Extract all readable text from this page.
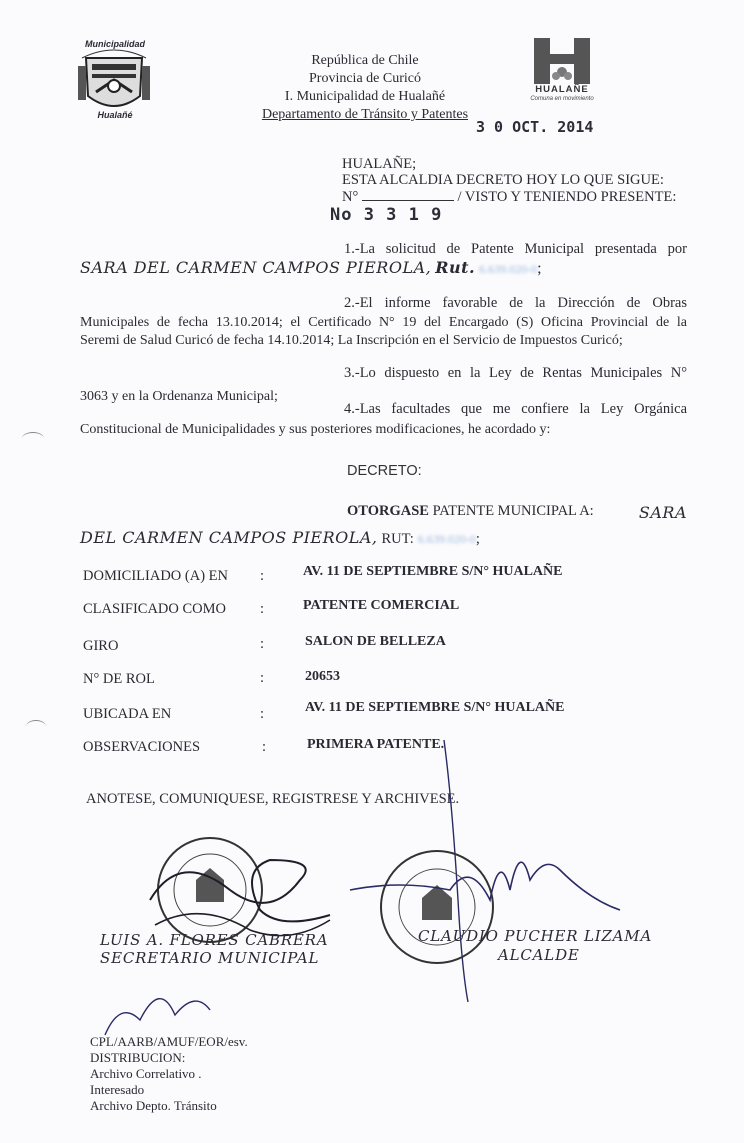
Municipalidad
Hualañé
República de Chile
Provincia de Curicó
I. Municipalidad de Hualañé
Departamento de Tránsito y Patentes
HUALAÑE
Comuna en movimiento
3 0 OCT. 2014
HUALAÑE;
ESTA ALCALDIA DECRETO HOY LO QUE SIGUE:
N°	/ VISTO Y TENIENDO PRESENTE:
No 3 3 1 9
1.-La solicitud de Patente Municipal presentada por
SARA DEL CARMEN CAMPOS PIEROLA, Rut. 6.639.020-0;
2.-El informe favorable de la Dirección de Obras
Municipales de fecha 13.10.2014; el Certificado N° 19 del Encargado (S) Oficina Provincial de la
Seremi de Salud Curicó de fecha 14.10.2014; La Inscripción en el Servicio de Impuestos Curicó;
3.-Lo dispuesto en la Ley de Rentas Municipales N°
3063 y en la Ordenanza Municipal;
4.-Las facultades que me confiere la Ley Orgánica
Constitucional de Municipalidades y sus posteriores modificaciones, he acordado y:
DECRETO:
OTORGASE PATENTE MUNICIPAL A:	SARA
DEL CARMEN CAMPOS PIEROLA, RUT: 6.639.020-0;
DOMICILIADO (A) EN :	AV. 11 DE SEPTIEMBRE S/N° HUALAÑE
CLASIFICADO COMO :	PATENTE COMERCIAL
GIRO	:	SALON DE BELLEZA
N° DE ROL	:	20653
UBICADA EN	:	AV. 11 DE SEPTIEMBRE S/N° HUALAÑE
OBSERVACIONES	:	PRIMERA PATENTE.
ANOTESE, COMUNIQUESE, REGISTRESE Y ARCHIVESE.
LUIS A. FLORES CABRERA
SECRETARIO MUNICIPAL
CLAUDIO PUCHER LIZAMA
ALCALDE
CPL/AARB/AMUF/EOR/esv.
DISTRIBUCION:
Archivo Correlativo .
Interesado
Archivo Depto. Tránsito
